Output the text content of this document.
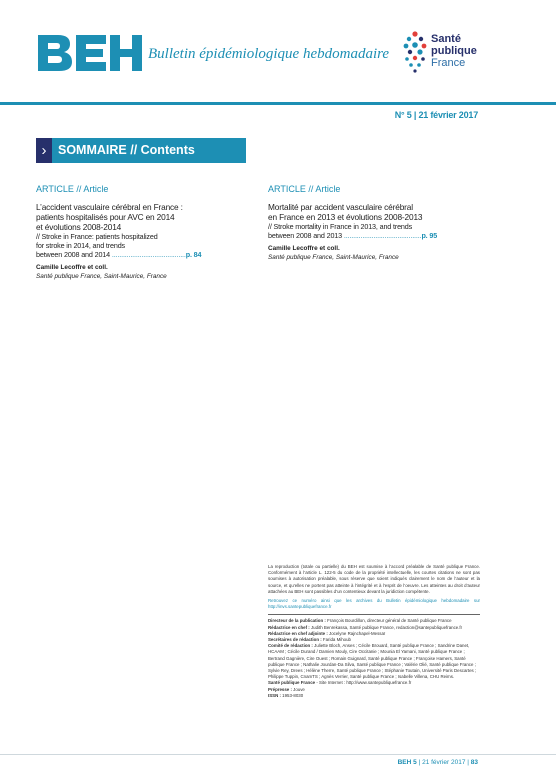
Bulletin épidémiologique hebdomadaire
Santé
publique
France
N° 5 | 21 février 2017
› SOMMAIRE // Contents
ARTICLE // Article
L’accident vasculaire cérébral en France :
patients hospitalisés pour AVC en 2014
et évolutions 2008-2014
// Stroke in France: patients hospitalized
for stroke in 2014, and trends
between 2008 and 2014 ........................................p. 84
Camille Lecoffre et coll.
Santé publique France, Saint-Maurice, France
ARTICLE // Article
Mortalité par accident vasculaire cérébral
en France en 2013 et évolutions 2008-2013
// Stroke mortality in France in 2013, and trends
between 2008 and 2013 ..........................................p. 95
Camille Lecoffre et coll.
Santé publique France, Saint-Maurice, France

La reproduction (totale ou partielle) du BEH est soumise à l’accord préalable de Santé publique France. Conformément à l’article L. 122-5 du code de la propriété intellectuelle, les courtes citations ne sont pas soumises à autorisation préalable, sous réserve que soient indiqués clairement le nom de l’auteur et la source, et qu’elles ne portent pas atteinte à l’intégrité et à l’esprit de l’oeuvre. Les atteintes au droit d’auteur attachées au BEH sont passibles d’un contentieux devant la juridiction compétente.

Retrouvez ce numéro ainsi que les archives du Bulletin épidémiologique hebdomadaire sur http://invs.santepubliquefrance.fr

Directeur de la publication : François Bourdillon, directeur général de Santé publique France
Rédactrice en chef : Judith Benrekassa, Santé publique France, redaction@santepubliquefrance.fr
Rédactrice en chef adjointe : Jocelyne Rajnchapel-Messaï
Secrétaires de rédaction : Farida Mihoub
Comité de rédaction : Juliette Bloch, Anses ; Cécile Brouard, Santé publique France ; Sandrine Danet, HCAAM ; Cécile Durand / Damien Mouly, Cire Occitanie ; Mounia El Yamani, Santé publique France ; Bertrand Gagnière, Cire Ouest ; Romain Guignard, Santé publique France ; Françoise Hamers, Santé publique France ; Nathalie Jourdan-Da Silva, Santé publique France ; Valérie Olié, Santé publique France ; Sylvie Rey, Drees ; Hélène Therre, Santé publique France ; Stéphanie Toutain, Université Paris Descartes ; Philippe Tuppin, CnamTS ; Agnès Verrier, Santé publique France ; Isabelle Villena, CHU Reims.
Santé publique France - Site Internet : http://www.santepubliquefrance.fr
Prépresse : Jouve
ISSN : 1953-8030
BEH 5 | 21 février 2017 | 83
